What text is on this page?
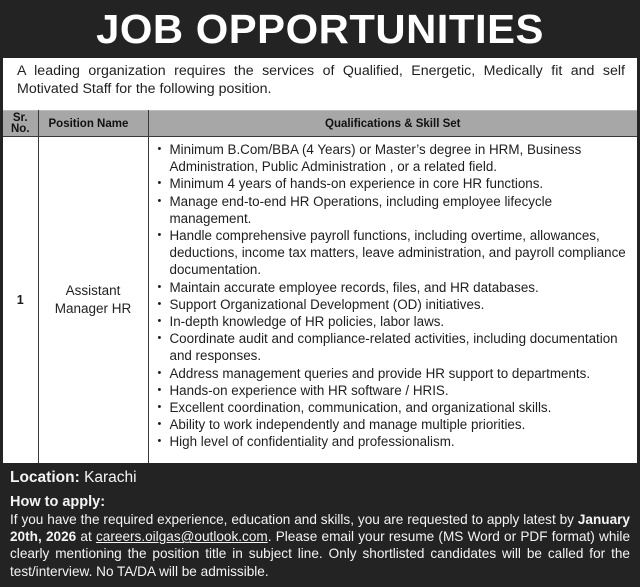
JOB OPPORTUNITIES

A leading organization requires the services of Qualified, Energetic, Medically fit and self Motivated Staff for the following position.

Sr.
No.	Position Name	Qualifications & Skill Set
1	Assistant Manager HR	
• Minimum B.Com/BBA (4 Years) or Master’s degree in HRM, Business Administration, Public Administration , or a related field.
• Minimum 4 years of hands-on experience in core HR functions.
• Manage end-to-end HR Operations, including employee lifecycle management.
• Handle comprehensive payroll functions, including overtime, allowances, deductions, income tax matters, leave administration, and payroll compliance documentation.
• Maintain accurate employee records, files, and HR databases.
• Support Organizational Development (OD) initiatives.
• In-depth knowledge of HR policies, labor laws.
• Coordinate audit and compliance-related activities, including documentation and responses.
• Address management queries and provide HR support to departments.
• Hands-on experience with HR software / HRIS.
• Excellent coordination, communication, and organizational skills.
• Ability to work independently and manage multiple priorities.
• High level of confidentiality and professionalism.
Location: Karachi
How to apply:

If you have the required experience, education and skills, you are requested to apply latest by January 20th, 2026 at careers.oilgas@outlook.com. Please email your resume (MS Word or PDF format) while clearly mentioning the position title in subject line. Only shortlisted candidates will be called for the test/interview. No TA/DA will be admissible.
